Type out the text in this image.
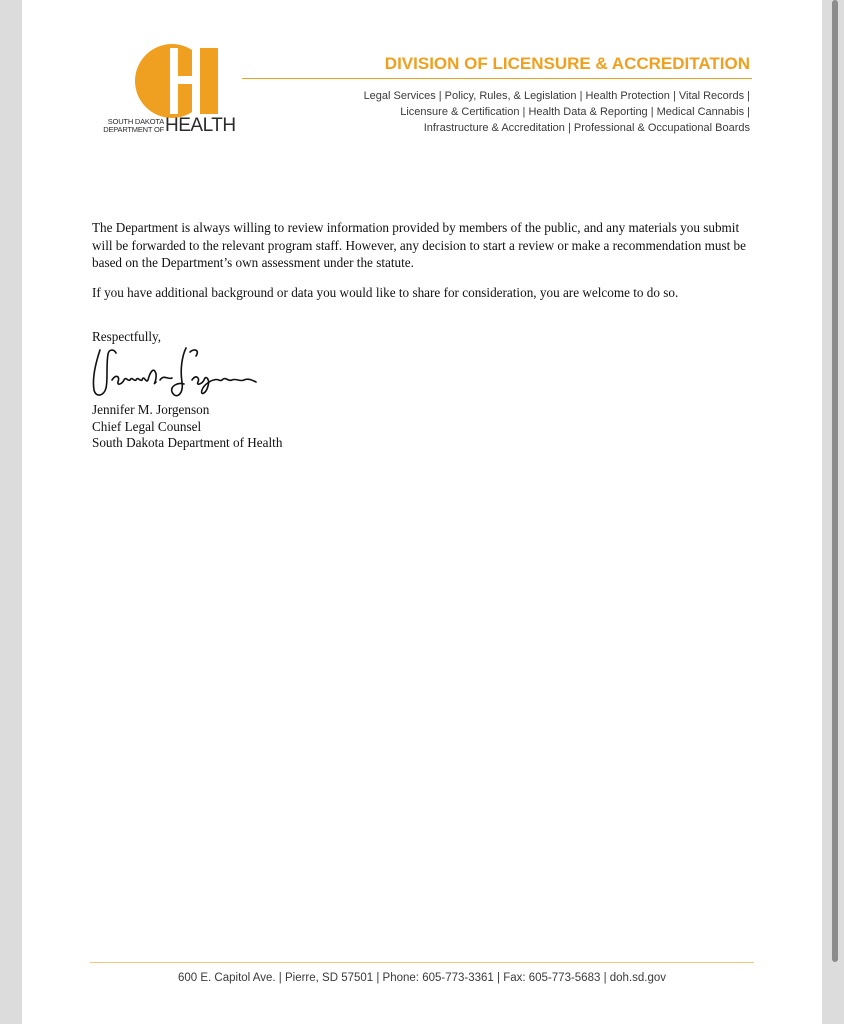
SOUTH DAKOTA
DEPARTMENT OF HEALTH
DIVISION OF LICENSURE & ACCREDITATION
Legal Services | Policy, Rules, & Legislation | Health Protection | Vital Records |
Licensure & Certification | Health Data & Reporting | Medical Cannabis |
Infrastructure & Accreditation | Professional & Occupational Boards

The Department is always willing to review information provided by members of the public, and any materials you submit will be forwarded to the relevant program staff. However, any decision to start a review or make a recommendation must be based on the Department’s own assessment under the statute.

If you have additional background or data you would like to share for consideration, you are welcome to do so.

Respectfully,
Jennifer M. Jorgenson
Chief Legal Counsel
South Dakota Department of Health
600 E. Capitol Ave. | Pierre, SD 57501 | Phone: 605-773-3361 | Fax: 605-773-5683 | doh.sd.gov
